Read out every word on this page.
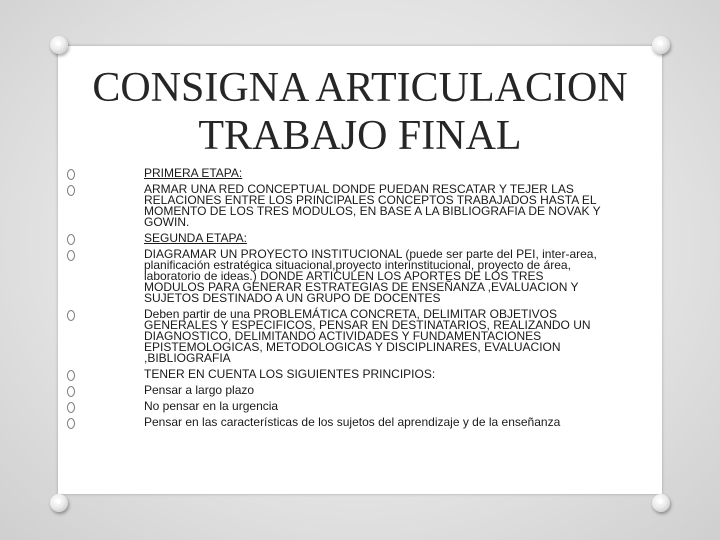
CONSIGNA ARTICULACION
TRABAJO FINAL
PRIMERA ETAPA:
ARMAR UNA RED CONCEPTUAL DONDE PUEDAN RESCATAR Y TEJER LAS RELACIONES ENTRE LOS PRINCIPALES CONCEPTOS TRABAJADOS HASTA EL MOMENTO DE LOS TRES MODULOS, EN BASE A LA BIBLIOGRAFIA DE NOVAK Y GOWIN.
SEGUNDA ETAPA:
DIAGRAMAR UN PROYECTO INSTITUCIONAL (puede ser parte del PEI, inter-area, planificación estratégica situacional,proyecto interinstitucional, proyecto de área, laboratorio de ideas.) DONDE ARTICULEN LOS APORTES DE LOS TRES MODULOS PARA GENERAR ESTRATEGIAS DE ENSEÑANZA ,EVALUACION Y SUJETOS DESTINADO A UN GRUPO DE DOCENTES
Deben partir de una PROBLEMÁTICA CONCRETA, DELIMITAR OBJETIVOS GENERALES Y ESPECIFICOS, PENSAR EN DESTINATARIOS, REALIZANDO UN DIAGNOSTICO, DELIMITANDO ACTIVIDADES Y FUNDAMENTACIONES EPISTEMOLOGICAS, METODOLOGICAS Y DISCIPLINARES, EVALUACION ,BIBLIOGRAFIA
TENER EN CUENTA LOS SIGUIENTES PRINCIPIOS:
Pensar a largo plazo
No pensar en la urgencia
Pensar en las características de los sujetos del aprendizaje y de la enseñanza
